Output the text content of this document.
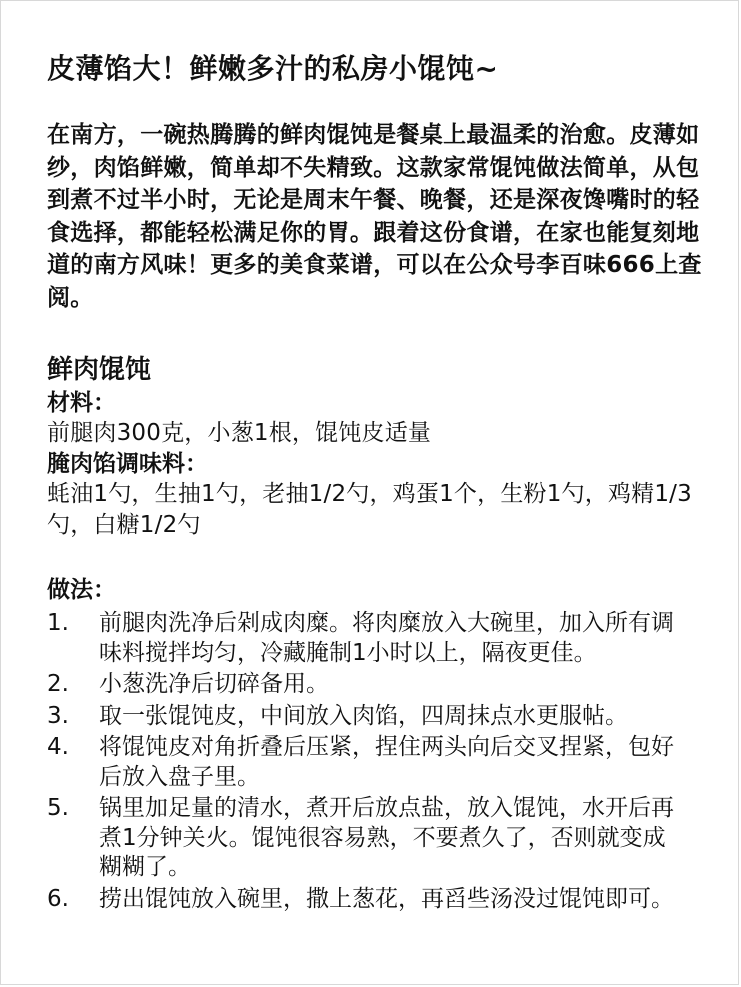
皮薄馅大！鲜嫩多汁的私房小馄饨~
在南方，一碗热腾腾的鲜肉馄饨是餐桌上最温柔的治愈。皮薄如纱，肉馅鲜嫩，简单却不失精致。这款家常馄饨做法简单，从包到煮不过半小时，无论是周末午餐、晚餐，还是深夜馋嘴时的轻食选择，都能轻松满足你的胃。跟着这份食谱，在家也能复刻地道的南方风味！更多的美食菜谱，可以在公众号李百味666上查阅。
鲜肉馄饨
材料：
前腿肉300克，小葱1根，馄饨皮适量
腌肉馅调味料：
蚝油1勺，生抽1勺，老抽1/2勺，鸡蛋1个，生粉1勺，鸡精1/3勺，白糖1/2勺
做法：
1.	前腿肉洗净后剁成肉糜。将肉糜放入大碗里，加入所有调味料搅拌均匀，冷藏腌制1小时以上，隔夜更佳。
2.	小葱洗净后切碎备用。
3.	取一张馄饨皮，中间放入肉馅，四周抹点水更服帖。
4.	将馄饨皮对角折叠后压紧，捏住两头向后交叉捏紧，包好后放入盘子里。
5.	锅里加足量的清水，煮开后放点盐，放入馄饨，水开后再煮1分钟关火。馄饨很容易熟，不要煮久了，否则就变成糊糊了。
6.	捞出馄饨放入碗里，撒上葱花，再舀些汤没过馄饨即可。
